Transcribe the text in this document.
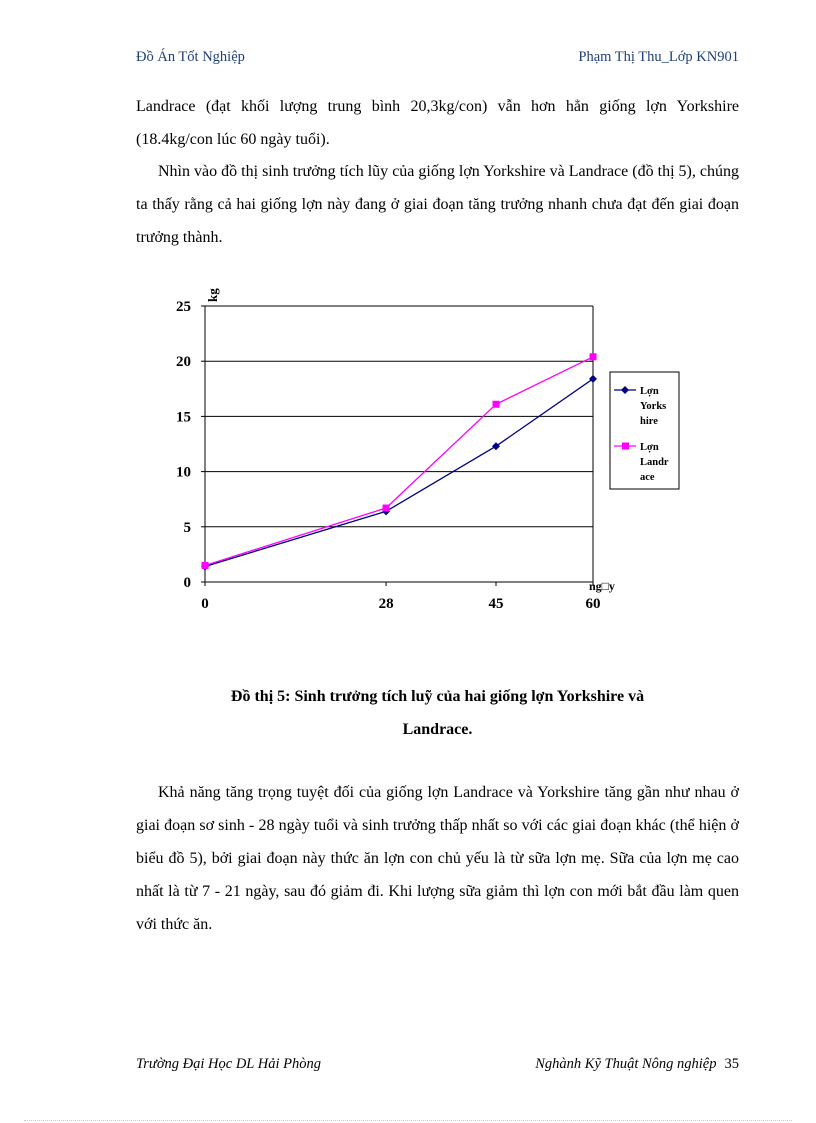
Đồ Án Tốt Nghiệp	Phạm Thị Thu_Lớp KN901
Landrace (đạt khối lượng trung bình 20,3kg/con) vẫn hơn hẳn giống lợn Yorkshire (18.4kg/con lúc 60 ngày tuổi).
Nhìn vào đồ thị sinh trưởng tích lũy của giống lợn Yorkshire và Landrace (đồ thị 5), chúng ta thấy rằng cả hai giống lợn này đang ở giai đoạn tăng trưởng nhanh chưa đạt đến giai đoạn trưởng thành.
0
5
10
15
20
25
0	28	45	60
kg
ng□y
Lợn
Yorks
hire
Lợn
Landr
ace
Đồ thị 5: Sinh trưởng tích luỹ của hai giống lợn Yorkshire và
Landrace.
Khả năng tăng trọng tuyệt đối của giống lợn Landrace và Yorkshire tăng gần như nhau ở giai đoạn sơ sinh - 28 ngày tuổi và sinh trưởng thấp nhất so với các giai đoạn khác (thể hiện ở biểu đồ 5), bởi giai đoạn này thức ăn lợn con chủ yếu là từ sữa lợn mẹ. Sữa của lợn mẹ cao nhất là từ 7 - 21 ngày, sau đó giảm đi. Khi lượng sữa giảm thì lợn con mới bắt đầu làm quen với thức ăn.
Trường Đại Học DL Hải Phòng	Nghành Kỹ Thuật Nông nghiệp 35
